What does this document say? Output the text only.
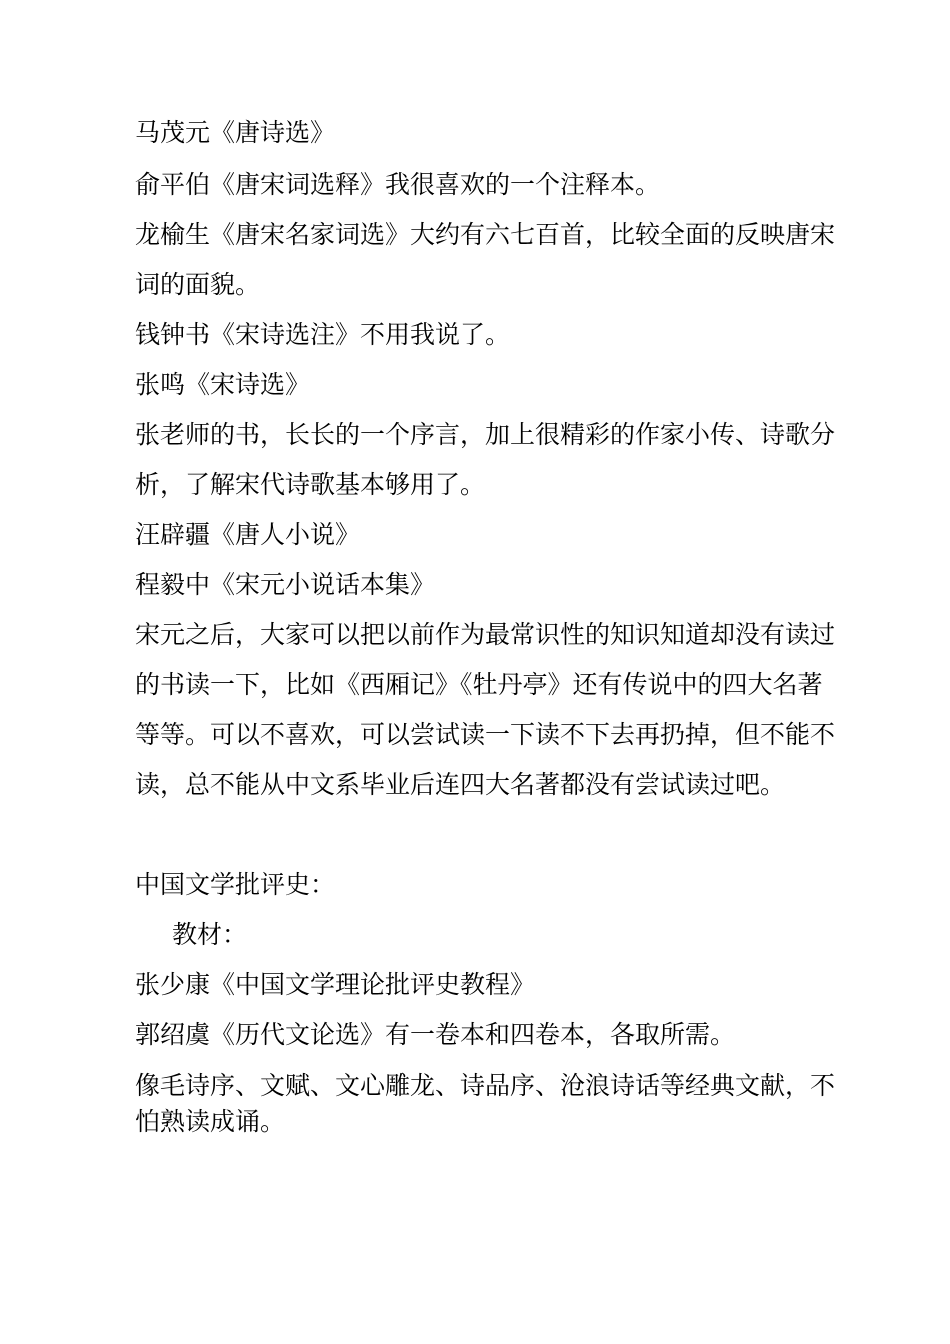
马茂元《唐诗选》

俞平伯《唐宋词选释》我很喜欢的一个注释本。

龙榆生《唐宋名家词选》大约有六七百首，比较全面的反映唐宋词的面貌。

钱钟书《宋诗选注》不用我说了。

张鸣《宋诗选》

张老师的书，长长的一个序言，加上很精彩的作家小传、诗歌分析，了解宋代诗歌基本够用了。

汪辟疆《唐人小说》

程毅中《宋元小说话本集》

宋元之后，大家可以把以前作为最常识性的知识知道却没有读过的书读一下，比如《西厢记》《牡丹亭》还有传说中的四大名著等等。可以不喜欢，可以尝试读一下读不下去再扔掉，但不能不读，总不能从中文系毕业后连四大名著都没有尝试读过吧。

中国文学批评史：

教材：

张少康《中国文学理论批评史教程》

郭绍虞《历代文论选》有一卷本和四卷本，各取所需。

像毛诗序、文赋、文心雕龙、诗品序、沧浪诗话等经典文献，不怕熟读成诵。
